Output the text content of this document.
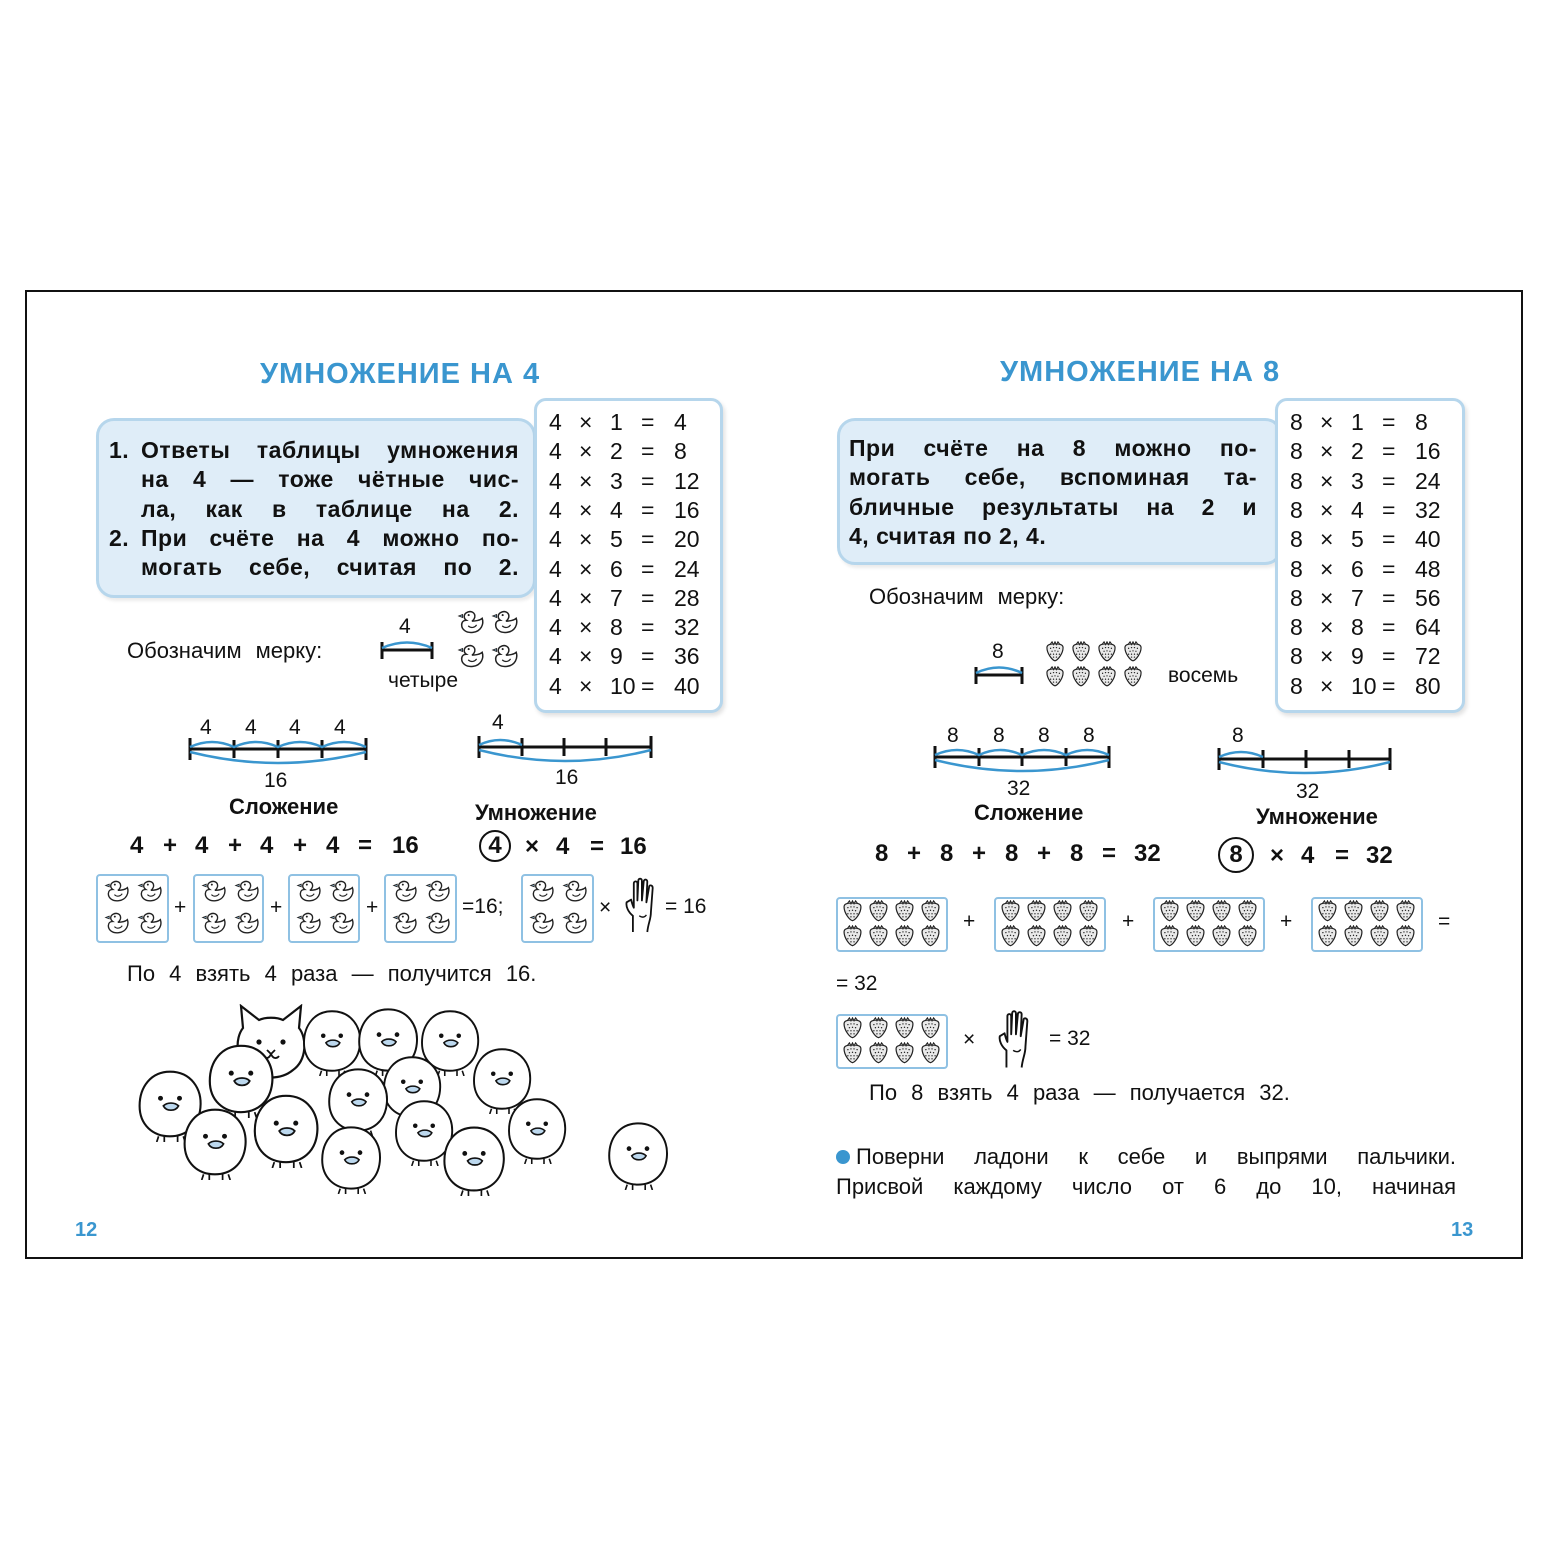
УМНОЖЕНИЕ НА 4
1. Ответы таблицы умножения
на 4 — тоже чётные чис-
ла, как в таблице на 2.
2. При счёте на 4 можно по-
могать себе, считая по 2.
4 × 1 = 4
4 × 2 = 8
4 × 3 = 12
4 × 4 = 16
4 × 5 = 20
4 × 6 = 24
4 × 7 = 28
4 × 8 = 32
4 × 9 = 36
4 × 10 = 40
Обозначим мерку:
4
четыре
4 4 4 4
16
Сложение
4
16
Умножение
4 + 4 + 4 + 4 = 16	4 × 4 = 16
+	+	+	=16;	×	= 16
По 4 взять 4 раза — получится 16.
12
УМНОЖЕНИЕ НА 8
При счёте на 8 можно по-
могать себе, вспоминая та-
бличные результаты на 2 и
4, считая по 2, 4.
8 × 1 = 8
8 × 2 = 16
8 × 3 = 24
8 × 4 = 32
8 × 5 = 40
8 × 6 = 48
8 × 7 = 56
8 × 8 = 64
8 × 9 = 72
8 × 10 = 80
Обозначим мерку:
8
восемь
8 8 8 8
32
Сложение
8
32
Умножение
8 + 8 + 8 + 8 = 32	8	× 4 = 32
+	+	+	=
= 32
×	= 32
По 8 взять 4 раза — получается 32.
Поверни ладони к себе и выпрями пальчики.
Присвой каждому число от 6 до 10, начиная
13
